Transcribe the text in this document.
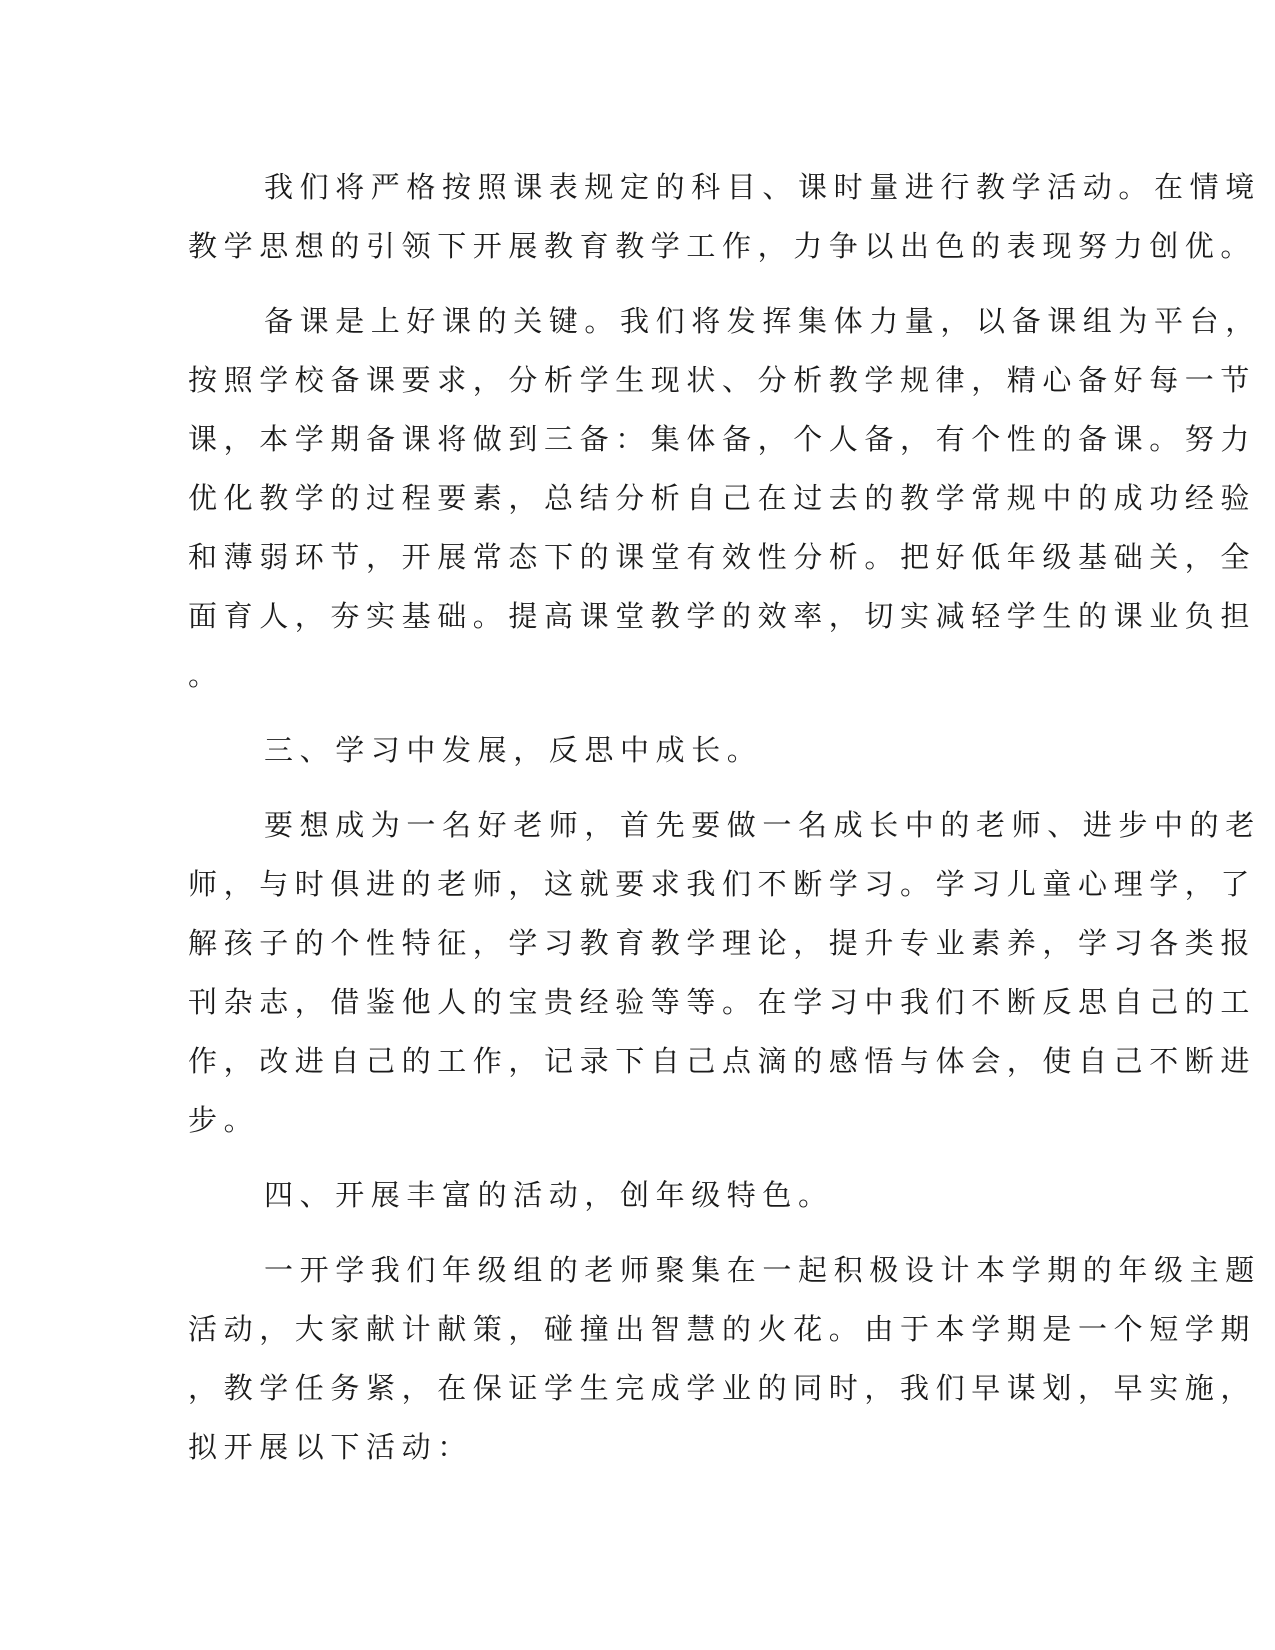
我们将严格按照课表规定的科目、课时量进行教学活动。在情境
教学思想的引领下开展教育教学工作，力争以出色的表现努力创优。
备课是上好课的关键。我们将发挥集体力量，以备课组为平台，
按照学校备课要求，分析学生现状、分析教学规律，精心备好每一节
课，本学期备课将做到三备：集体备，个人备，有个性的备课。努力
优化教学的过程要素，总结分析自己在过去的教学常规中的成功经验
和薄弱环节，开展常态下的课堂有效性分析。把好低年级基础关，全
面育人，夯实基础。提高课堂教学的效率，切实减轻学生的课业负担
。
三、学习中发展，反思中成长。
要想成为一名好老师，首先要做一名成长中的老师、进步中的老
师，与时俱进的老师，这就要求我们不断学习。学习儿童心理学，了
解孩子的个性特征，学习教育教学理论，提升专业素养，学习各类报
刊杂志，借鉴他人的宝贵经验等等。在学习中我们不断反思自己的工
作，改进自己的工作，记录下自己点滴的感悟与体会，使自己不断进
步。
四、开展丰富的活动，创年级特色。
一开学我们年级组的老师聚集在一起积极设计本学期的年级主题
活动，大家献计献策，碰撞出智慧的火花。由于本学期是一个短学期
，教学任务紧，在保证学生完成学业的同时，我们早谋划，早实施，
拟开展以下活动：
